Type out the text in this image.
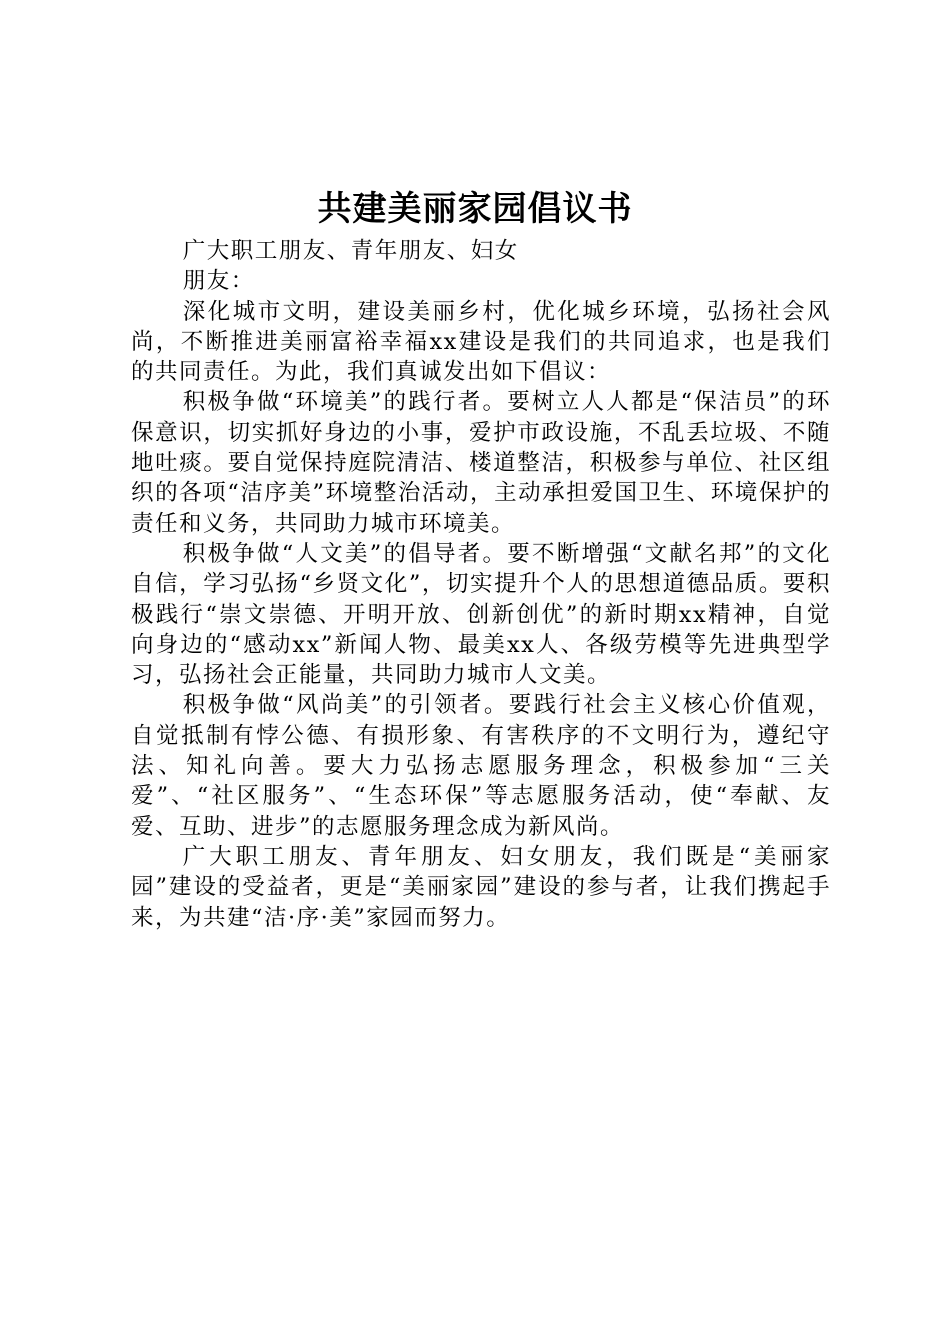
共建美丽家园倡议书

广大职工朋友、青年朋友、妇女

朋友：

深化城市文明，建设美丽乡村，优化城乡环境，弘扬社会风尚，不断推进美丽富裕幸福xx建设是我们的共同追求，也是我们的共同责任。为此，我们真诚发出如下倡议：

积极争做“环境美”的践行者。要树立人人都是“保洁员”的环保意识，切实抓好身边的小事，爱护市政设施，不乱丢垃圾、不随地吐痰。要自觉保持庭院清洁、楼道整洁，积极参与单位、社区组织的各项“洁序美”环境整治活动，主动承担爱国卫生、环境保护的责任和义务，共同助力城市环境美。

积极争做“人文美”的倡导者。要不断增强“文献名邦”的文化自信，学习弘扬“乡贤文化”，切实提升个人的思想道德品质。要积极践行“崇文崇德、开明开放、创新创优”的新时期xx精神，自觉向身边的“感动xx”新闻人物、最美xx人、各级劳模等先进典型学习，弘扬社会正能量，共同助力城市人文美。

积极争做“风尚美”的引领者。要践行社会主义核心价值观，自觉抵制有悖公德、有损形象、有害秩序的不文明行为，遵纪守法、知礼向善。要大力弘扬志愿服务理念，积极参加“三关爱”、“社区服务”、“生态环保”等志愿服务活动，使“奉献、友爱、互助、进步”的志愿服务理念成为新风尚。

广大职工朋友、青年朋友、妇女朋友，我们既是“美丽家园”建设的受益者，更是“美丽家园”建设的参与者，让我们携起手来，为共建“洁·序·美”家园而努力。
